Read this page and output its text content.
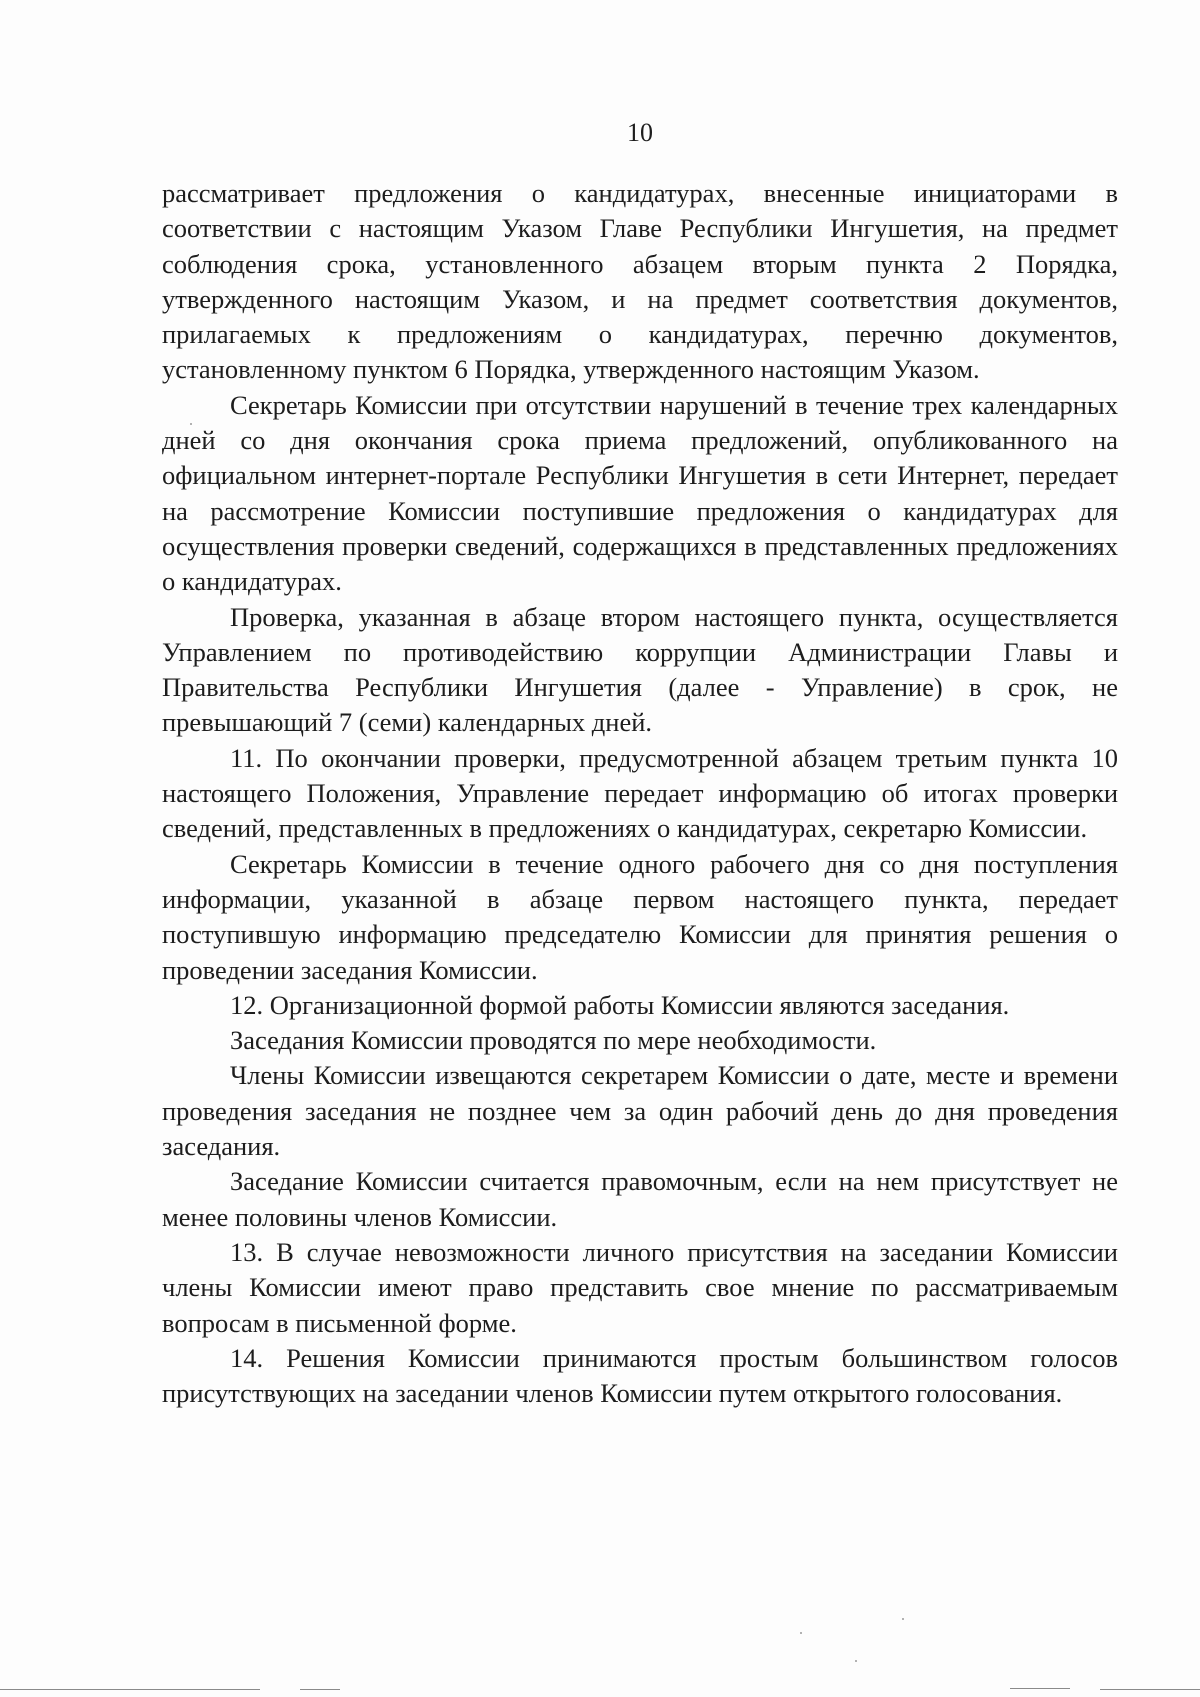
10

рассматривает предложения о кандидатурах, внесенные инициаторами в соответствии с настоящим Указом Главе Республики Ингушетия, на предмет соблюдения срока, установленного абзацем вторым пункта 2 Порядка, утвержденного настоящим Указом, и на предмет соответствия документов, прилагаемых к предложениям о кандидатурах, перечню документов, установленному пунктом 6 Порядка, утвержденного настоящим Указом.

Секретарь Комиссии при отсутствии нарушений в течение трех календарных дней со дня окончания срока приема предложений, опубликованного на официальном интернет-портале Республики Ингушетия в сети Интернет, передает на рассмотрение Комиссии поступившие предложения о кандидатурах для осуществления проверки сведений, содержащихся в представленных предложениях о кандидатурах.

Проверка, указанная в абзаце втором настоящего пункта, осуществляется Управлением по противодействию коррупции Администрации Главы и Правительства Республики Ингушетия (далее - Управление) в срок, не превышающий 7 (семи) календарных дней.

11. По окончании проверки, предусмотренной абзацем третьим пункта 10 настоящего Положения, Управление передает информацию об итогах проверки сведений, представленных в предложениях о кандидатурах, секретарю Комиссии.

Секретарь Комиссии в течение одного рабочего дня со дня поступления информации, указанной в абзаце первом настоящего пункта, передает поступившую информацию председателю Комиссии для принятия решения о проведении заседания Комиссии.

12. Организационной формой работы Комиссии являются заседания.

Заседания Комиссии проводятся по мере необходимости.

Члены Комиссии извещаются секретарем Комиссии о дате, месте и времени проведения заседания не позднее чем за один рабочий день до дня проведения заседания.

Заседание Комиссии считается правомочным, если на нем присутствует не менее половины членов Комиссии.

13. В случае невозможности личного присутствия на заседании Комиссии члены Комиссии имеют право представить свое мнение по рассматриваемым вопросам в письменной форме.

14. Решения Комиссии принимаются простым большинством голосов присутствующих на заседании членов Комиссии путем открытого голосования.
